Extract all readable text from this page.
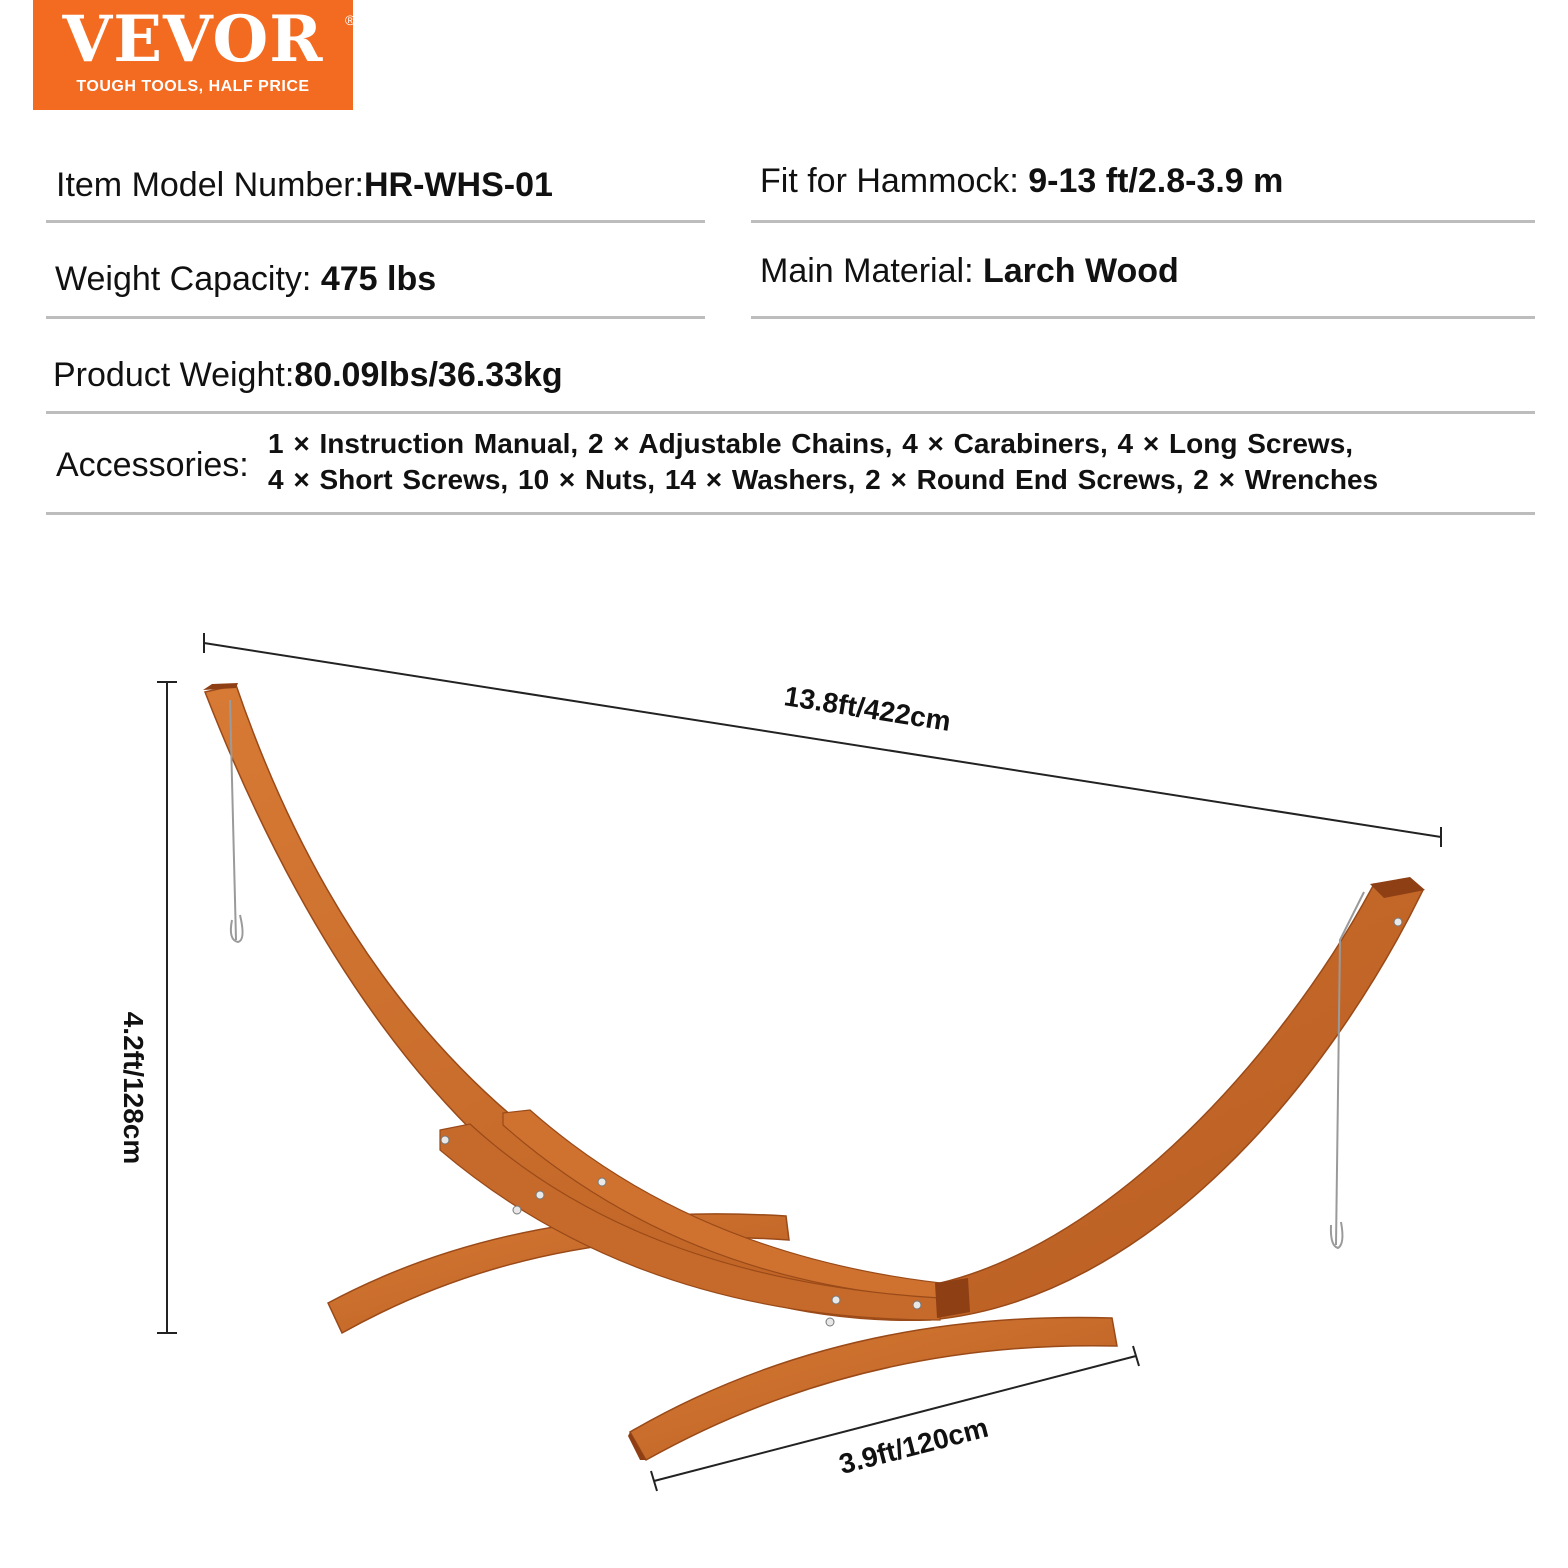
VEVOR	®
TOUGH TOOLS, HALF PRICE
Item Model Number:HR-WHS-01	Fit for Hammock: 9-13 ft/2.8-3.9 m
Weight Capacity: 475 lbs	Main Material: Larch Wood
Product Weight:80.09lbs/36.33kg
Accessories:
1 × Instruction Manual, 2 × Adjustable Chains, 4 × Carabiners, 4 × Long Screws,
4 × Short Screws, 10 × Nuts, 14 × Washers, 2 × Round End Screws, 2 × Wrenches
13.8ft/422cm
4.2ft/128cm
3.9ft/120cm
